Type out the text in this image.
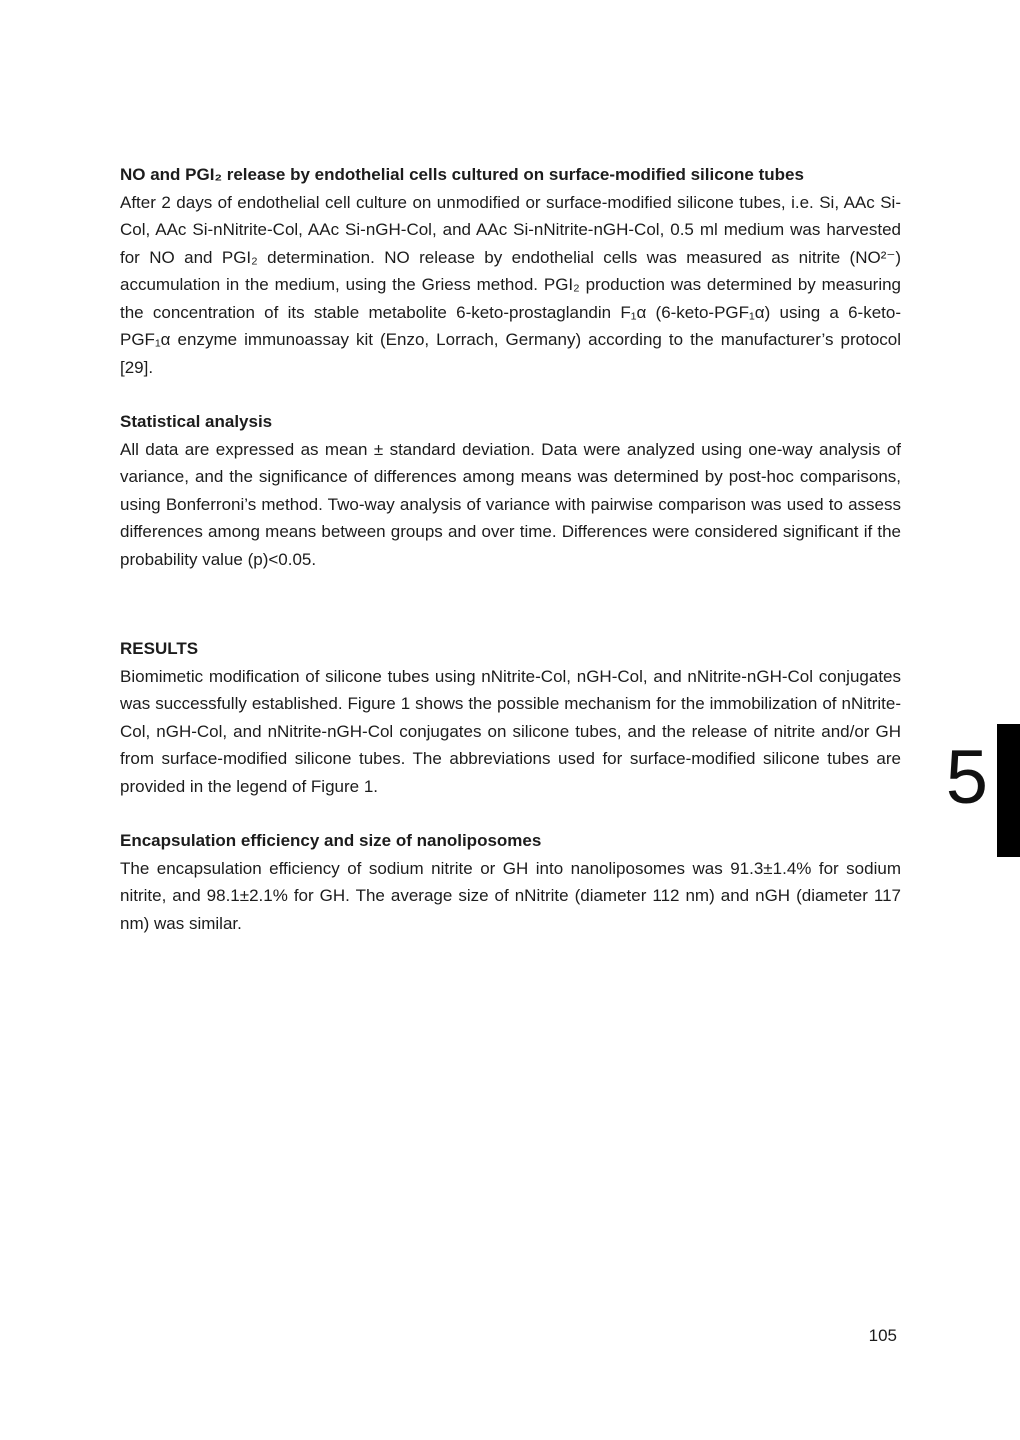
NO and PGI₂ release by endothelial cells cultured on surface-modified silicone tubes

After 2 days of endothelial cell culture on unmodified or surface-modified silicone tubes, i.e. Si, AAc Si-Col, AAc Si-nNitrite-Col, AAc Si-nGH-Col, and AAc Si-nNitrite-nGH-Col, 0.5 ml medium was harvested for NO and PGI₂ determination. NO release by endothelial cells was measured as nitrite (NO²⁻) accumulation in the medium, using the Griess method. PGI₂ production was determined by measuring the concentration of its stable metabolite 6-keto-prostaglandin F₁α (6-keto-PGF₁α) using a 6-keto-PGF₁α enzyme immunoassay kit (Enzo, Lorrach, Germany) according to the manufacturer’s protocol [29].

Statistical analysis

All data are expressed as mean ± standard deviation. Data were analyzed using one-way analysis of variance, and the significance of differences among means was determined by post-hoc comparisons, using Bonferroni’s method. Two-way analysis of variance with pairwise comparison was used to assess differences among means between groups and over time. Differences were considered significant if the probability value (p)<0.05.

RESULTS

Biomimetic modification of silicone tubes using nNitrite-Col, nGH-Col, and nNitrite-nGH-Col conjugates was successfully established. Figure 1 shows the possible mechanism for the immobilization of nNitrite-Col, nGH-Col, and nNitrite-nGH-Col conjugates on silicone tubes, and the release of nitrite and/or GH from surface-modified silicone tubes. The abbreviations used for surface-modified silicone tubes are provided in the legend of Figure 1.

Encapsulation efficiency and size of nanoliposomes

The encapsulation efficiency of sodium nitrite or GH into nanoliposomes was 91.3±1.4% for sodium nitrite, and 98.1±2.1% for GH. The average size of nNitrite (diameter 112 nm) and nGH (diameter 117 nm) was similar.

5
105
